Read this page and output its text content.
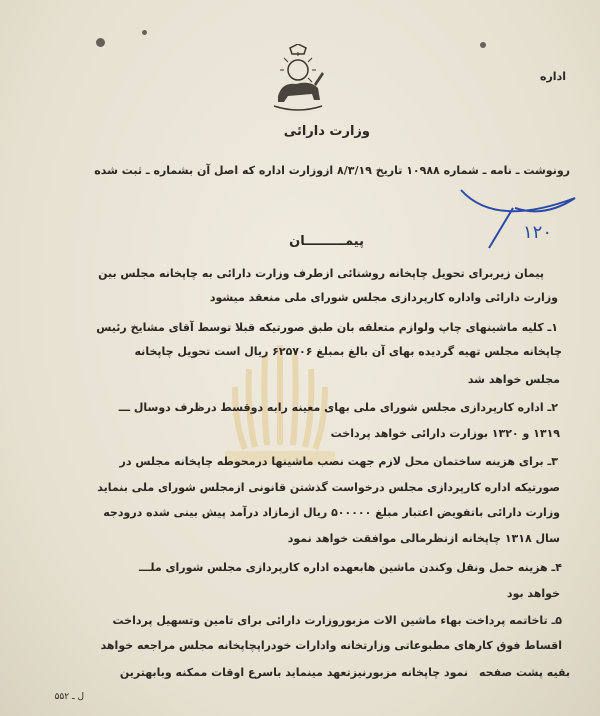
اداره
وزارت دارائی
رونوشت ـ نامه ـ شماره ۱۰۹۸۸ تاریخ ۸/۳/۱۹ ازوزارت اداره که اصل آن بشماره ـ ثبت شده
۱۲۰
پیمـــــــــان
پیمان زیربرای تحویل چاپخانه روشنائی ازطرف وزارت دارائی به چاپخانه مجلس بین
وزارت دارائی واداره کارپردازی مجلس شورای ملی منعقد میشود
۱ـ کلیه ماشینهای چاپ ولوازم متعلقه بان طبق صورتیکه قبلا توسط آقای مشایخ رئیس
چاپخانه مجلس تهیه گردیده بهای آن بالغ بمبلغ ۶۲۵۷۰۶ ریال است تحویل چاپخانه
مجلس خواهد شد
۲ـ اداره کارپردازی مجلس شورای ملی بهای معینه رابه دوقسط درظرف دوسال ـــ
۱۳۱۹ و ۱۳۲۰ بوزارت دارائی خواهد پرداخت
۳ـ برای هزینه ساختمان محل لازم جهت نصب ماشینها درمحوطه چاپخانه مجلس در
صورتیکه اداره کارپردازی مجلس درخواست گذشتن قانونی ازمجلس شورای ملی بنماید
وزارت دارائی باتفویض اعتبار مبلغ ۵۰۰۰۰۰ ریال ازمازاد درآمد پیش بینی شده درودجه
سال ۱۳۱۸ چاپخانه ازنظرمالی موافقت خواهد نمود
۴ـ هزینه حمل ونقل وکندن ماشین هابعهده اداره کارپردازی مجلس شورای ملـــ
خواهد بود
۵ـ تاخاتمه پرداخت بهاء ماشین الات مزبوروزارت دارائی برای تامین وتسهیل پرداخت
اقساط فوق کارهای مطبوعاتی وزارتخانه وادارات خودراپچاپخانه مجلس مراجعه خواهد
نمود چاپخانه مزبورنیزتعهد مینماید باسرع اوقات ممکنه وبابهترین بقیه پشت صفحه
ل ـ ۵۵۲
